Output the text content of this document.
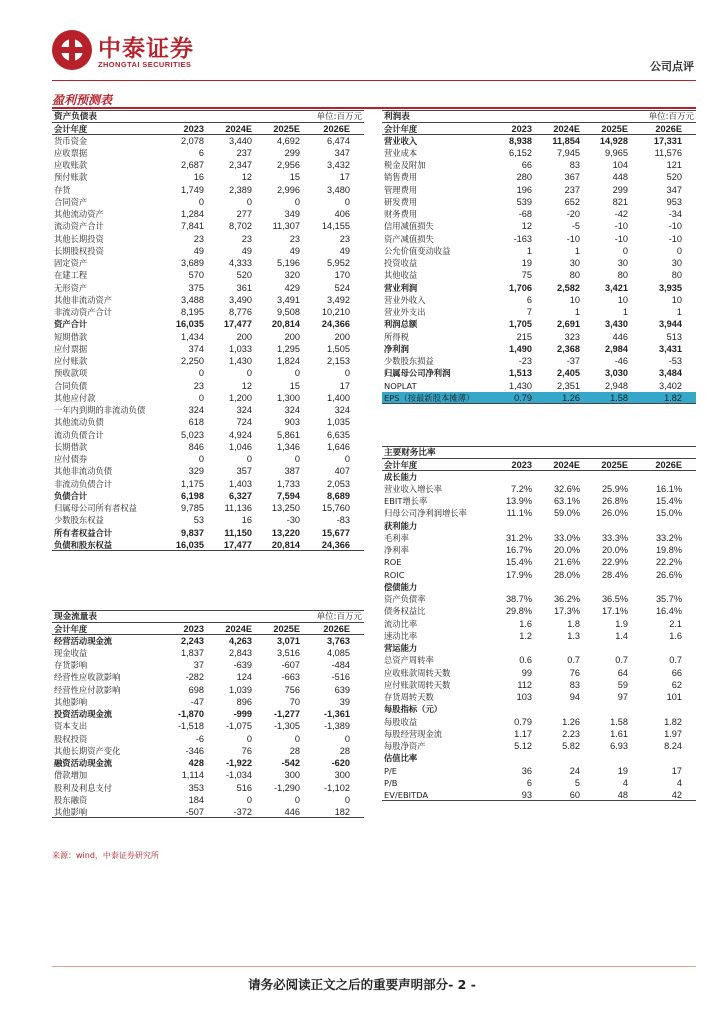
中泰证券
ZHONGTAI SECURITIES	公司点评
盈利预测表
资产负债表	单位:百万元
会计年度	2023 2024E 2025E	2026E
货币资金	2,078	3,440	4,692	6,474
应收票据	6	237	299	347
应收账款	2,687	2,347	2,956	3,432
预付账款	16	12	15	17
存货	1,749	2,389	2,996	3,480
合同资产	0	0	0	0
其他流动资产	1,284	277	349	406
流动资产合计	7,841	8,702 11,307 14,155
其他长期投资	23	23	23	23
长期股权投资	49	49	49	49
固定资产	3,689	4,333	5,196	5,952
在建工程	570	520	320	170
无形资产	375	361	429	524
其他非流动资产	3,488	3,490	3,491	3,492
非流动资产合计	8,195	8,776	9,508 10,210
资产合计	16,035 17,477 20,814 24,366
短期借款	1,434	200	200	200
应付票据	374	1,033	1,295	1,505
应付账款	2,250	1,430	1,824	2,153
预收款项	0	0	0	0
合同负债	23	12	15	17
其他应付款	0	1,200	1,300	1,400
一年内到期的非流动负债	324	324	324	324
其他流动负债	618	724	903	1,035
流动负债合计	5,023	4,924	5,861	6,635
长期借款	846	1,046	1,346	1,646
应付债券	0	0	0	0
其他非流动负债	329	357	387	407
非流动负债合计	1,175	1,403	1,733	2,053
负债合计	6,198	6,327	7,594	8,689
归属母公司所有者权益	9,785 11,136 13,250 15,760
少数股东权益	53	16	-30	-83
所有者权益合计	9,837 11,150 13,220 15,677
负债和股东权益	16,035 17,477 20,814 24,366
现金流量表	单位:百万元
会计年度	2023 2024E 2025E	2026E
经营活动现金流	2,243	4,263	3,071	3,763
现金收益	1,837	2,843	3,516	4,085
存货影响	37	-639	-607	-484
经营性应收款影响	-282	124	-663	-516
经营性应付款影响	698	1,039	756	639
其他影响	-47	896	70	39
投资活动现金流	-1,870	-999 -1,277	-1,361
资本支出	-1,518 -1,075 -1,305	-1,389
股权投资	-6	0	0	0
其他长期资产变化	-346	76	28	28
融资活动现金流	428 -1,922	-542	-620
借款增加	1,114 -1,034	300	300
股利及利息支付	353	516 -1,290	-1,102
股东融资	184	0	0	0
其他影响	-507	-372	446	182
利润表	单位:百万元
会计年度	2023 2024E 2025E	2026E
营业收入	8,938 11,854 14,928	17,331
营业成本	6,152	7,945	9,965	11,576
税金及附加	66	83	104	121
销售费用	280	367	448	520
管理费用	196	237	299	347
研发费用	539	652	821	953
财务费用	-68	-20	-42	-34
信用减值损失	12	-5	-10	-10
资产减值损失	-163	-10	-10	-10
公允价值变动收益	1	1	0	0
投资收益	19	30	30	30
其他收益	75	80	80	80
营业利润	1,706	2,582	3,421	3,935
营业外收入	6	10	10	10
营业外支出	7	1	1	1
利润总额	1,705	2,691	3,430	3,944
所得税	215	323	446	513
净利润	1,490	2,368	2,984	3,431
少数股东损益	-23	-37	-46	-53
归属母公司净利润	1,513	2,405	3,030	3,484
NOPLAT	1,430	2,351	2,948	3,402
EPS（按最新股本摊薄）	0.79	1.26	1.58	1.82
主要财务比率
会计年度	2023 2024E 2025E	2026E
成长能力
营业收入增长率	7.2% 32.6% 25.9%	16.1%
EBIT增长率	13.9% 63.1% 26.8%	15.4%
归母公司净利润增长率	11.1% 59.0% 26.0%	15.0%
获利能力
毛利率	31.2% 33.0% 33.3%	33.2%
净利率	16.7% 20.0% 20.0%	19.8%
ROE	15.4% 21.6% 22.9%	22.2%
ROIC	17.9% 28.0% 28.4%	26.6%
偿债能力
资产负债率	38.7% 36.2% 36.5%	35.7%
债务权益比	29.8% 17.3% 17.1%	16.4%
流动比率	1.6	1.8	1.9	2.1
速动比率	1.2	1.3	1.4	1.6
营运能力
总资产周转率	0.6	0.7	0.7	0.7
应收账款周转天数	99	76	64	66
应付账款周转天数	112	83	59	62
存货周转天数	103	94	97	101
每股指标（元）
每股收益	0.79	1.26	1.58	1.82
每股经营现金流	1.17	2.23	1.61	1.97
每股净资产	5.12	5.82	6.93	8.24
估值比率
P/E	36	24	19	17
P/B	6	5	4	4
EV/EBITDA	93	60	48	42
来源：wind，中泰证券研究所
请务必阅读正文之后的重要声明部分- 2 -
